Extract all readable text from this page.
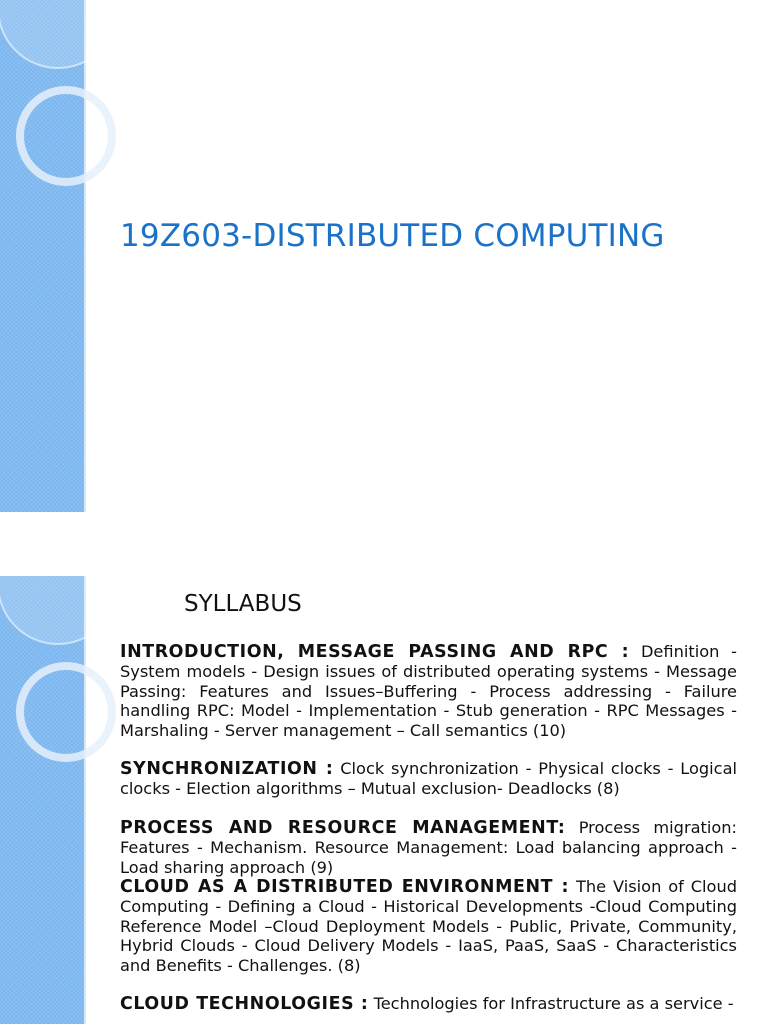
19Z603-DISTRIBUTED COMPUTING
SYLLABUS

INTRODUCTION, MESSAGE PASSING AND RPC : Definition - System models - Design issues of distributed operating systems - Message Passing: Features and Issues–Buffering - Process addressing - Failure handling RPC: Model - Implementation - Stub generation - RPC Messages - Marshaling - Server management – Call semantics (10)

SYNCHRONIZATION : Clock synchronization - Physical clocks - Logical clocks - Election algorithms – Mutual exclusion- Deadlocks (8)

PROCESS AND RESOURCE MANAGEMENT: Process migration: Features - Mechanism. Resource Management: Load balancing approach - Load sharing approach (9)

CLOUD AS A DISTRIBUTED ENVIRONMENT : The Vision of Cloud Computing - Defining a Cloud - Historical Developments -Cloud Computing Reference Model –Cloud Deployment Models - Public, Private, Community, Hybrid Clouds - Cloud Delivery Models - IaaS, PaaS, SaaS - Characteristics and Benefits - Challenges. (8)

CLOUD TECHNOLOGIES : Technologies for Infrastructure as a service -
